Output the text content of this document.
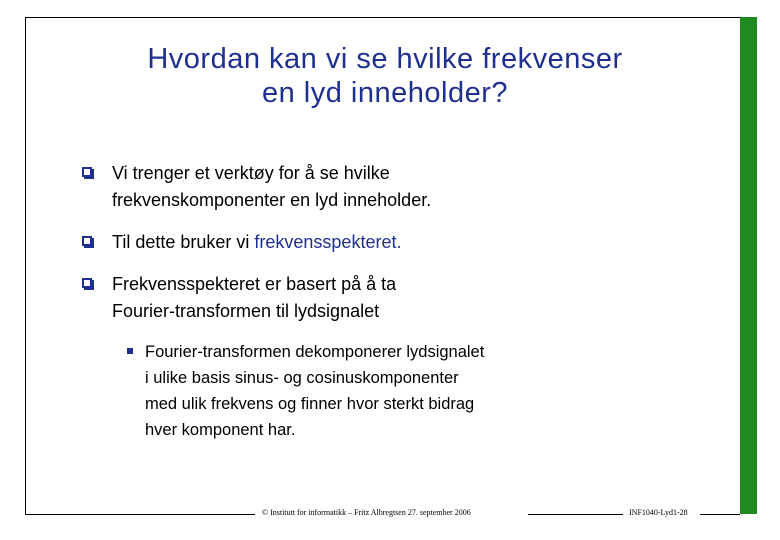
Hvordan kan vi se hvilke frekvenser
en lyd inneholder?
Vi trenger et verktøy for å se hvilke
frekvenskomponenter en lyd inneholder.
Til dette bruker vi frekvensspekteret.
Frekvensspekteret er basert på å ta
Fourier-transformen til lydsignalet
Fourier-transformen dekomponerer lydsignalet
i ulike basis sinus- og cosinuskomponenter
med ulik frekvens og finner hvor sterkt bidrag
hver komponent har.
© Institutt for informatikk – Fritz Albregtsen 27. september 2006	INF1040-Lyd1-28
